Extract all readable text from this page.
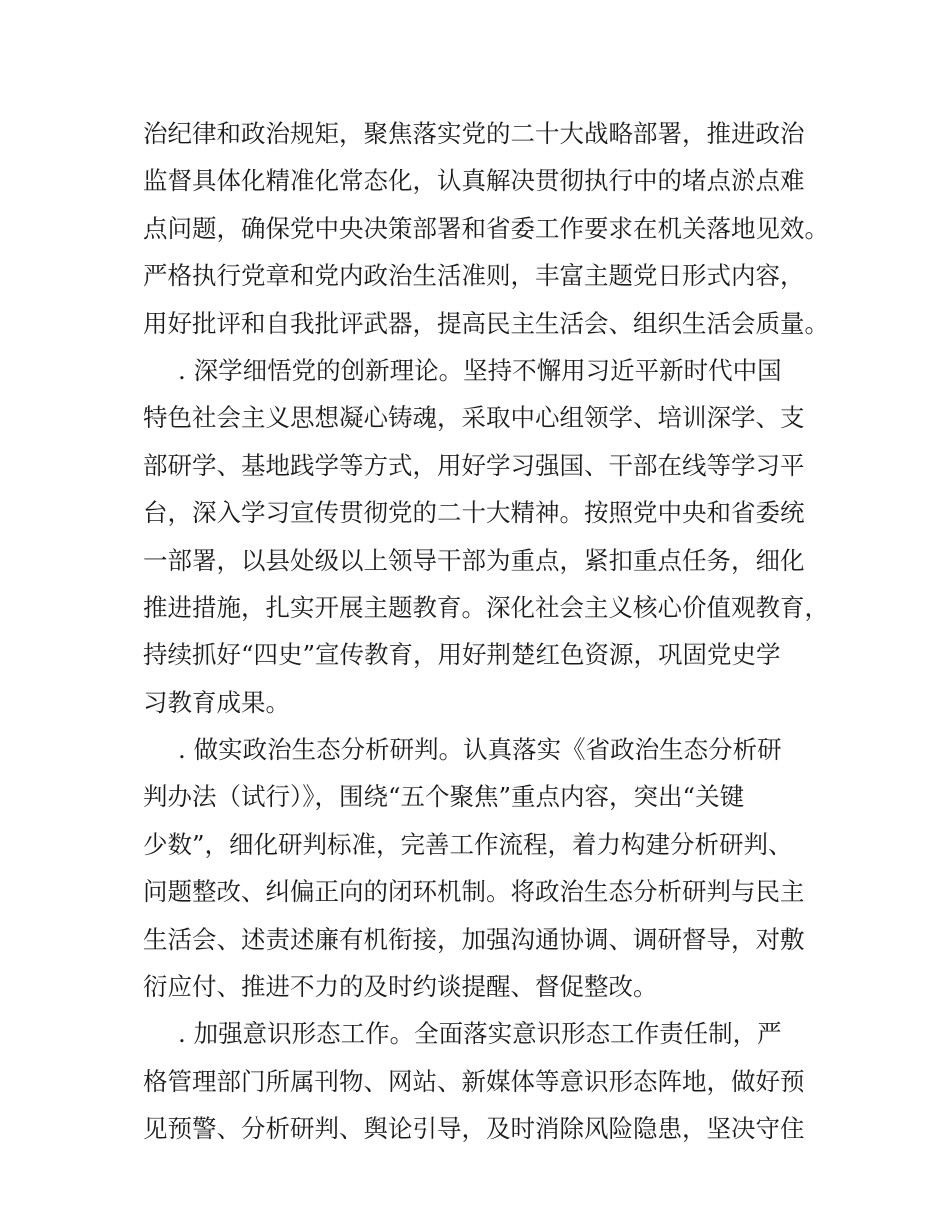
治纪律和政治规矩，聚焦落实党的二十大战略部署，推进政治
监督具体化精准化常态化，认真解决贯彻执行中的堵点淤点难
点问题，确保党中央决策部署和省委工作要求在机关落地见效。
严格执行党章和党内政治生活准则，丰富主题党日形式内容，
用好批评和自我批评武器，提高民主生活会、组织生活会质量。
. 深学细悟党的创新理论。坚持不懈用习近平新时代中国
特色社会主义思想凝心铸魂，采取中心组领学、培训深学、支
部研学、基地践学等方式，用好学习强国、干部在线等学习平
台，深入学习宣传贯彻党的二十大精神。按照党中央和省委统
一部署，以县处级以上领导干部为重点，紧扣重点任务，细化
推进措施，扎实开展主题教育。深化社会主义核心价值观教育，
持续抓好“四史”宣传教育，用好荆楚红色资源，巩固党史学
习教育成果。
. 做实政治生态分析研判。认真落实《省政治生态分析研
判办法（试行）》，围绕“五个聚焦”重点内容，突出“关键
少数”，细化研判标准，完善工作流程，着力构建分析研判、
问题整改、纠偏正向的闭环机制。将政治生态分析研判与民主
生活会、述责述廉有机衔接，加强沟通协调、调研督导，对敷
衍应付、推进不力的及时约谈提醒、督促整改。
. 加强意识形态工作。全面落实意识形态工作责任制，严
格管理部门所属刊物、网站、新媒体等意识形态阵地，做好预
见预警、分析研判、舆论引导，及时消除风险隐患，坚决守住
